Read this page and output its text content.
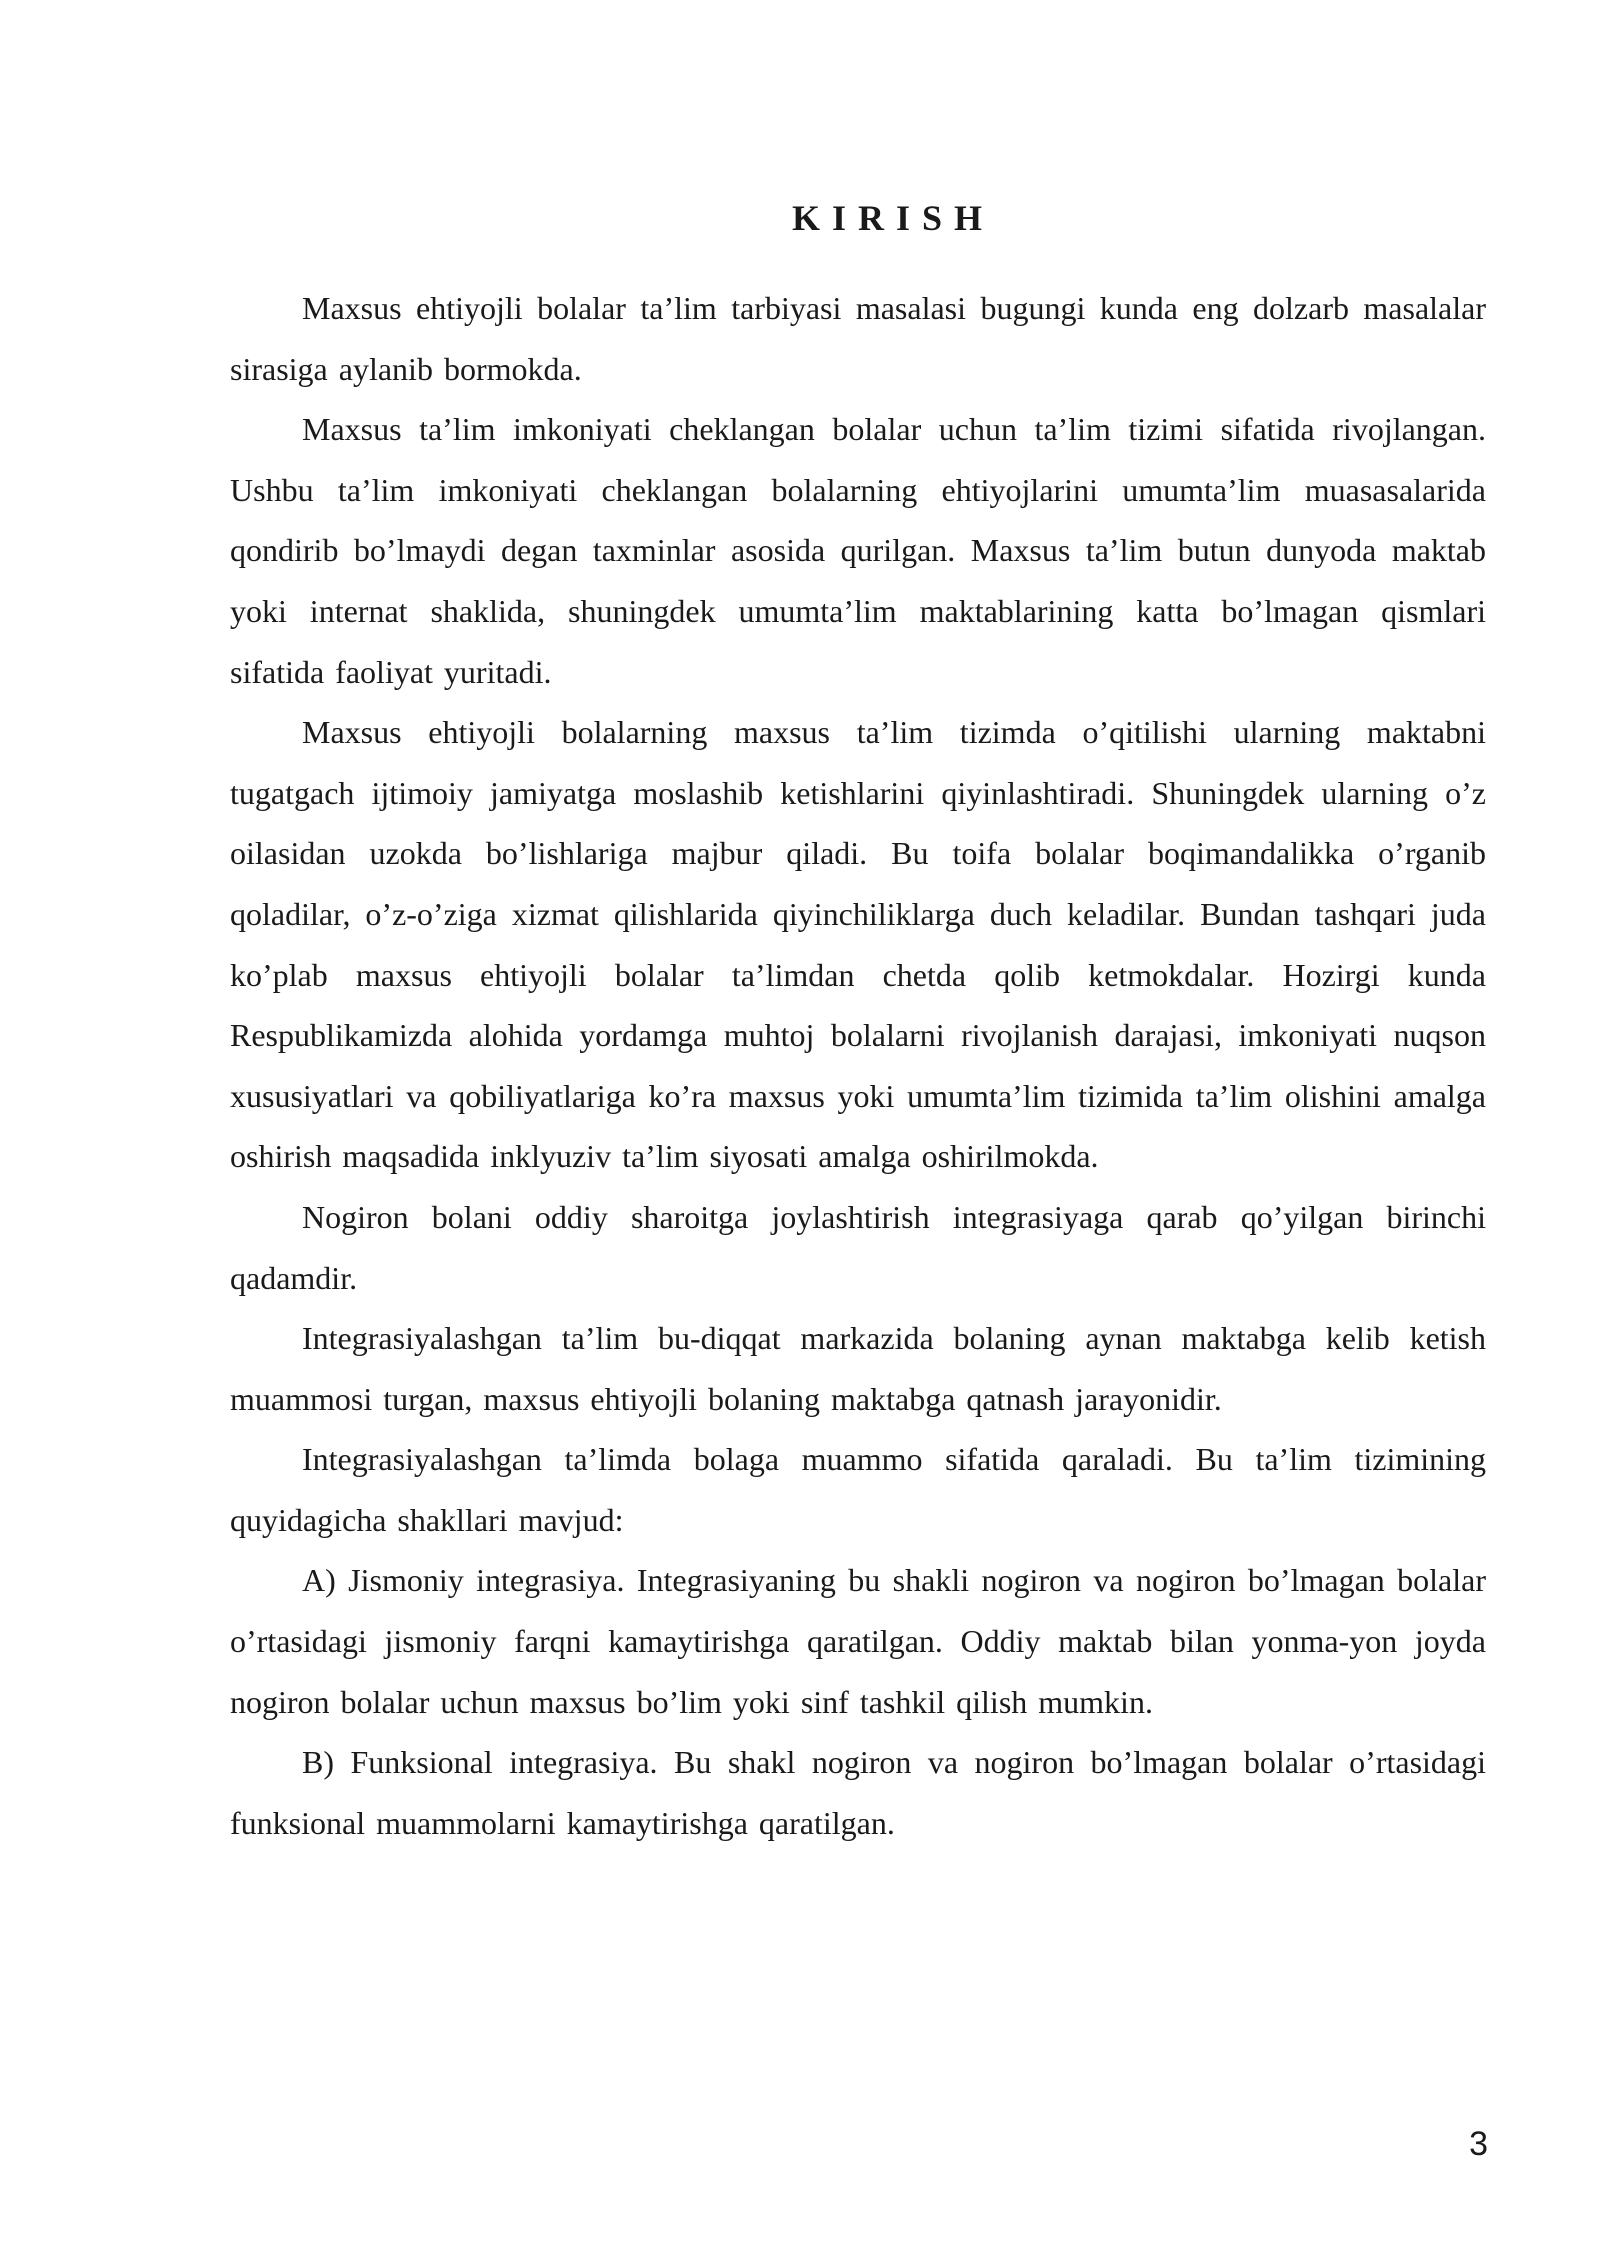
KIRISH

Maxsus ehtiyojli bolalar ta’lim tarbiyasi masalasi bugungi kunda eng dolzarb masalalar sirasiga aylanib bormokda.

Maxsus ta’lim imkoniyati cheklangan bolalar uchun ta’lim tizimi sifatida rivojlangan. Ushbu ta’lim imkoniyati cheklangan bolalarning ehtiyojlarini umumta’lim muasasalarida qondirib bo’lmaydi degan taxminlar asosida qurilgan. Maxsus ta’lim butun dunyoda maktab yoki internat shaklida, shuningdek umumta’lim maktablarining katta bo’lmagan qismlari sifatida faoliyat yuritadi.

Maxsus ehtiyojli bolalarning maxsus ta’lim tizimda o’qitilishi ularning maktabni tugatgach ijtimoiy jamiyatga moslashib ketishlarini qiyinlashtiradi. Shuningdek ularning o’z oilasidan uzokda bo’lishlariga majbur qiladi. Bu toifa bolalar boqimandalikka o’rganib qoladilar, o’z-o’ziga xizmat qilishlarida qiyinchiliklarga duch keladilar. Bundan tashqari juda ko’plab maxsus ehtiyojli bolalar ta’limdan chetda qolib ketmokdalar. Hozirgi kunda Respublikamizda alohida yordamga muhtoj bolalarni rivojlanish darajasi, imkoniyati nuqson xususiyatlari va qobiliyatlariga ko’ra maxsus yoki umumta’lim tizimida ta’lim olishini amalga oshirish maqsadida inklyuziv ta’lim siyosati amalga oshirilmokda.

Nogiron bolani oddiy sharoitga joylashtirish integrasiyaga qarab qo’yilgan birinchi qadamdir.

Integrasiyalashgan ta’lim bu-diqqat markazida bolaning aynan maktabga kelib ketish muammosi turgan, maxsus ehtiyojli bolaning maktabga qatnash jarayonidir.

Integrasiyalashgan ta’limda bolaga muammo sifatida qaraladi. Bu ta’lim tizimining quyidagicha shakllari mavjud:

A) Jismoniy integrasiya. Integrasiyaning bu shakli nogiron va nogiron bo’lmagan bolalar o’rtasidagi jismoniy farqni kamaytirishga qaratilgan. Oddiy maktab bilan yonma-yon joyda nogiron bolalar uchun maxsus bo’lim yoki sinf tashkil qilish mumkin.

B) Funksional integrasiya. Bu shakl nogiron va nogiron bo’lmagan bolalar o’rtasidagi funksional muammolarni kamaytirishga qaratilgan.

3
